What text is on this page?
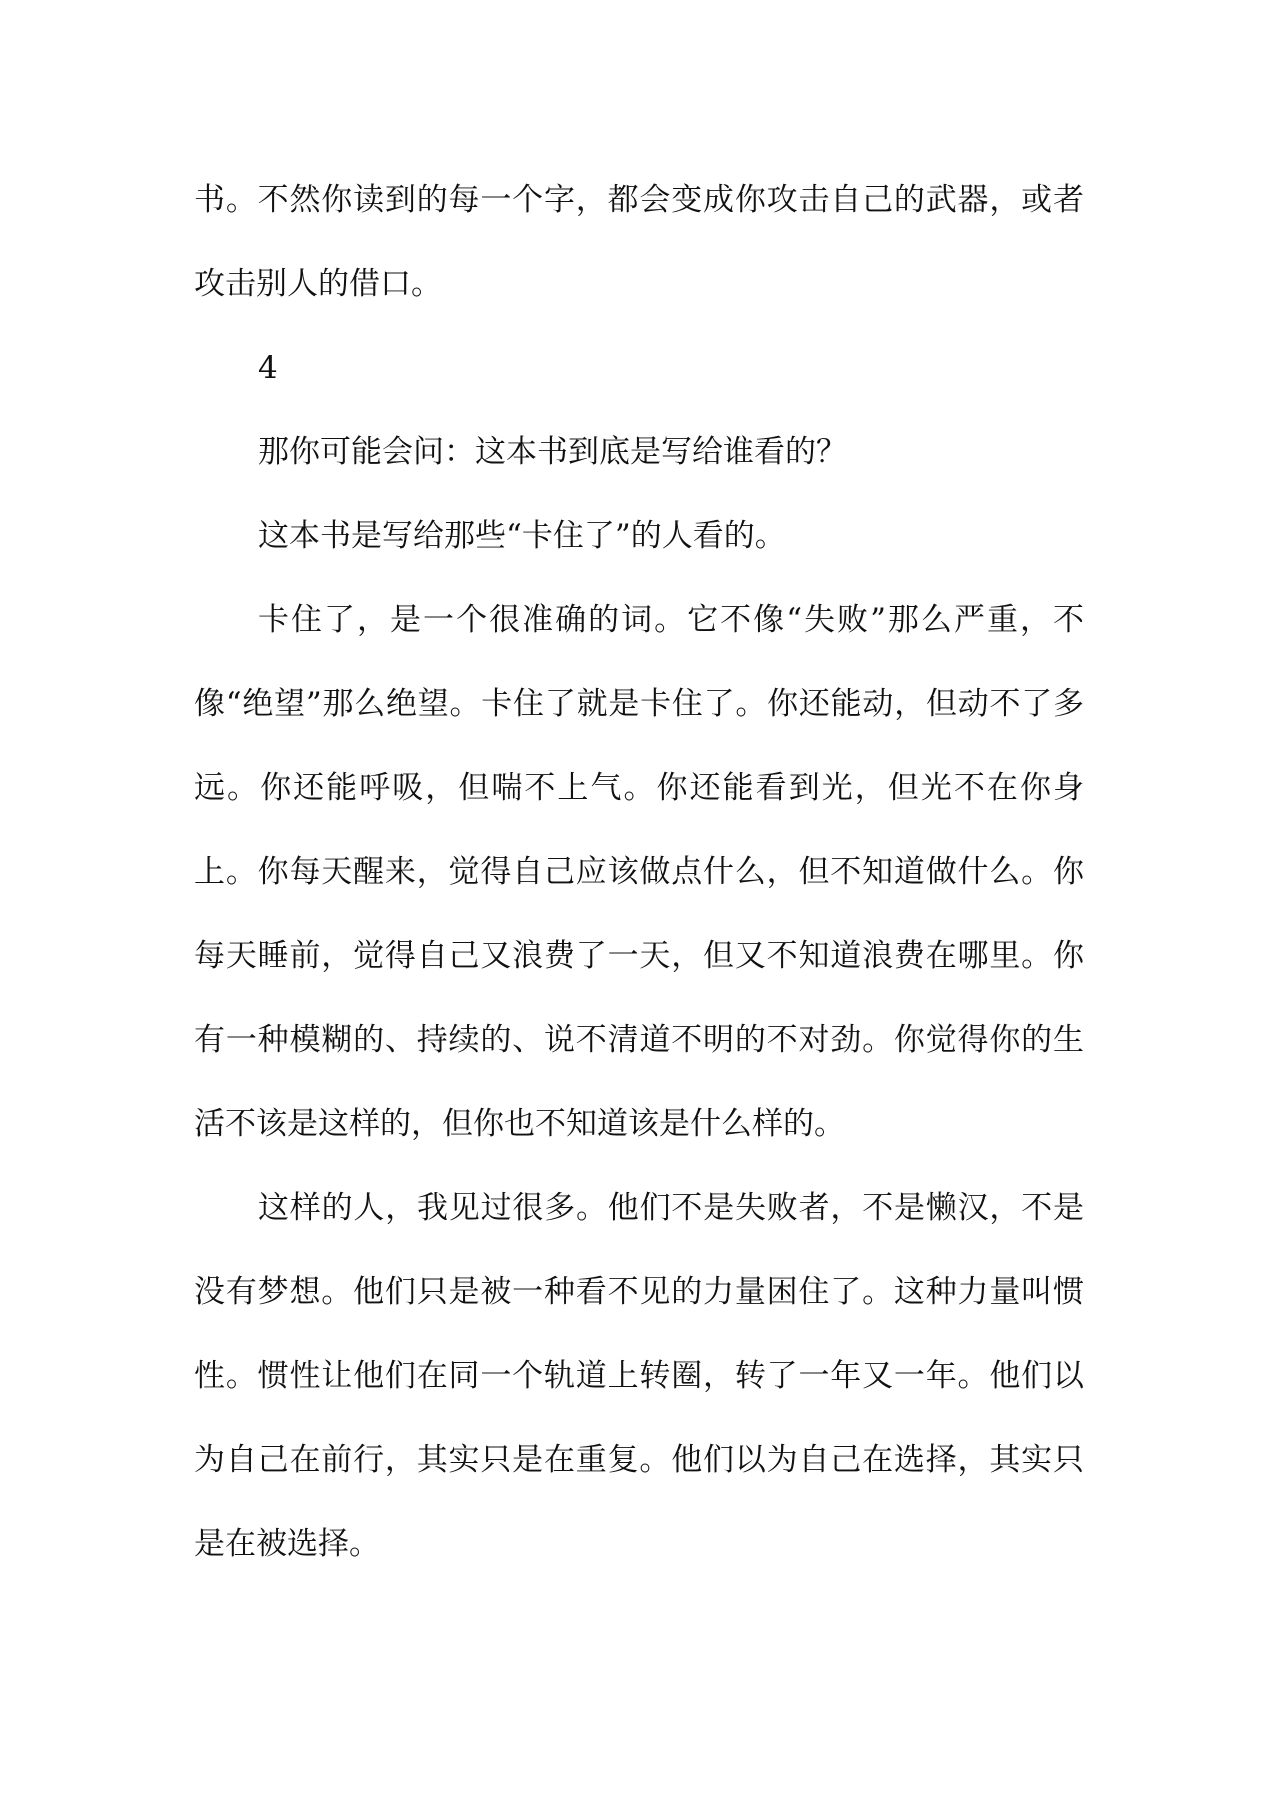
书。不然你读到的每一个字，都会变成你攻击自己的武器，或者攻击别人的借口。

4

那你可能会问：这本书到底是写给谁看的？

这本书是写给那些“卡住了”的人看的。

卡住了，是一个很准确的词。它不像“失败”那么严重，不像“绝望”那么绝望。卡住了就是卡住了。你还能动，但动不了多远。你还能呼吸，但喘不上气。你还能看到光，但光不在你身上。你每天醒来，觉得自己应该做点什么，但不知道做什么。你每天睡前，觉得自己又浪费了一天，但又不知道浪费在哪里。你有一种模糊的、持续的、说不清道不明的不对劲。你觉得你的生活不该是这样的，但你也不知道该是什么样的。

这样的人，我见过很多。他们不是失败者，不是懒汉，不是没有梦想。他们只是被一种看不见的力量困住了。这种力量叫惯性。惯性让他们在同一个轨道上转圈，转了一年又一年。他们以为自己在前行，其实只是在重复。他们以为自己在选择，其实只是在被选择。
